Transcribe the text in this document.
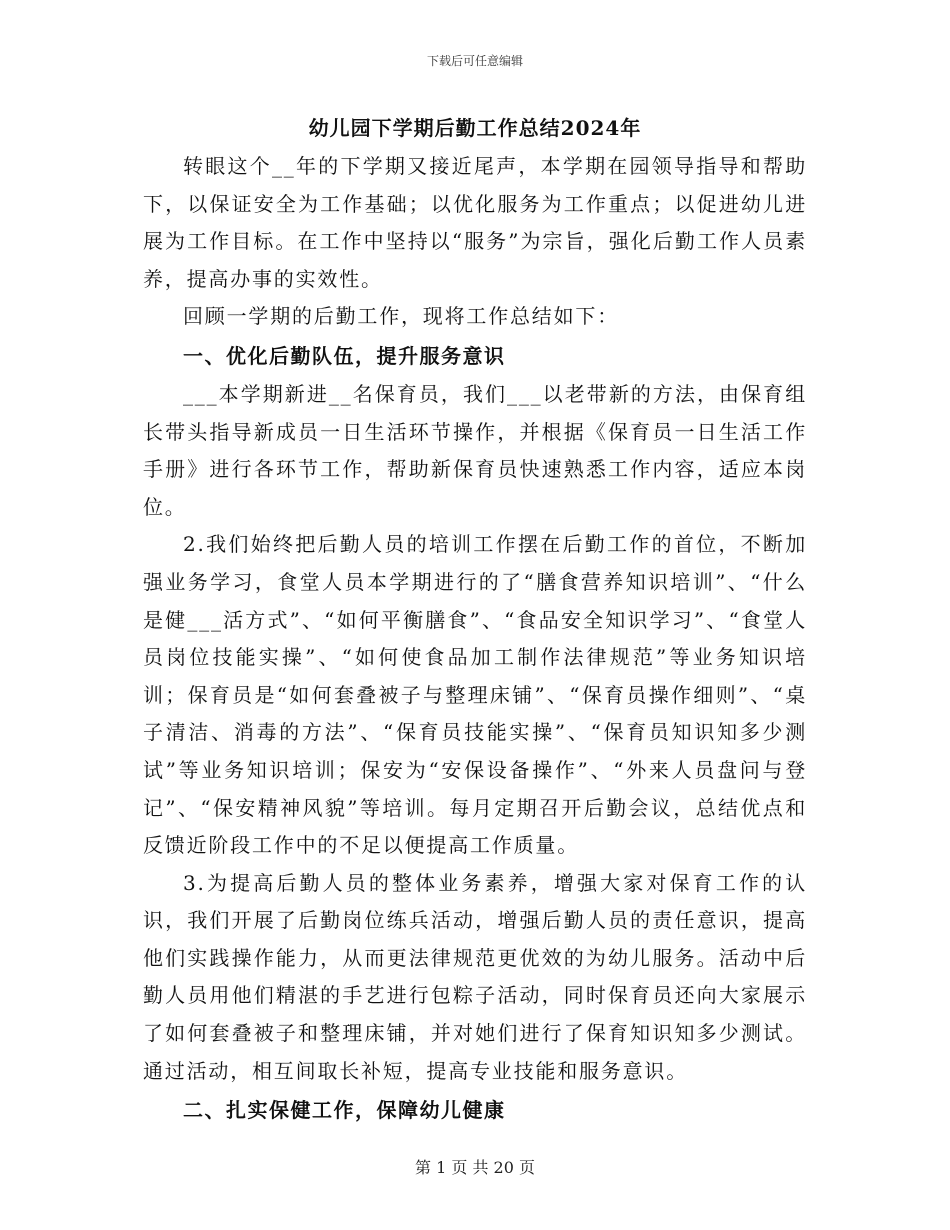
下载后可任意编辑
幼儿园下学期后勤工作总结2024年

转眼这个__年的下学期又接近尾声，本学期在园领导指导和帮助下，以保证安全为工作基础；以优化服务为工作重点；以促进幼儿进展为工作目标。在工作中坚持以“服务”为宗旨，强化后勤工作人员素养，提高办事的实效性。

回顾一学期的后勤工作，现将工作总结如下：

一、优化后勤队伍，提升服务意识

___本学期新进__名保育员，我们___以老带新的方法，由保育组长带头指导新成员一日生活环节操作，并根据《保育员一日生活工作手册》进行各环节工作，帮助新保育员快速熟悉工作内容，适应本岗位。

2.我们始终把后勤人员的培训工作摆在后勤工作的首位，不断加强业务学习，食堂人员本学期进行的了“膳食营养知识培训”、“什么是健___活方式”、“如何平衡膳食”、“食品安全知识学习”、“食堂人员岗位技能实操”、“如何使食品加工制作法律规范”等业务知识培训；保育员是“如何套叠被子与整理床铺”、“保育员操作细则”、“桌子清洁、消毒的方法”、“保育员技能实操”、“保育员知识知多少测试”等业务知识培训；保安为“安保设备操作”、“外来人员盘问与登记”、“保安精神风貌”等培训。每月定期召开后勤会议，总结优点和反馈近阶段工作中的不足以便提高工作质量。

3.为提高后勤人员的整体业务素养，增强大家对保育工作的认识，我们开展了后勤岗位练兵活动，增强后勤人员的责任意识，提高他们实践操作能力，从而更法律规范更优效的为幼儿服务。活动中后勤人员用他们精湛的手艺进行包粽子活动，同时保育员还向大家展示了如何套叠被子和整理床铺，并对她们进行了保育知识知多少测试。通过活动，相互间取长补短，提高专业技能和服务意识。

二、扎实保健工作，保障幼儿健康

第 1 页 共 20 页
